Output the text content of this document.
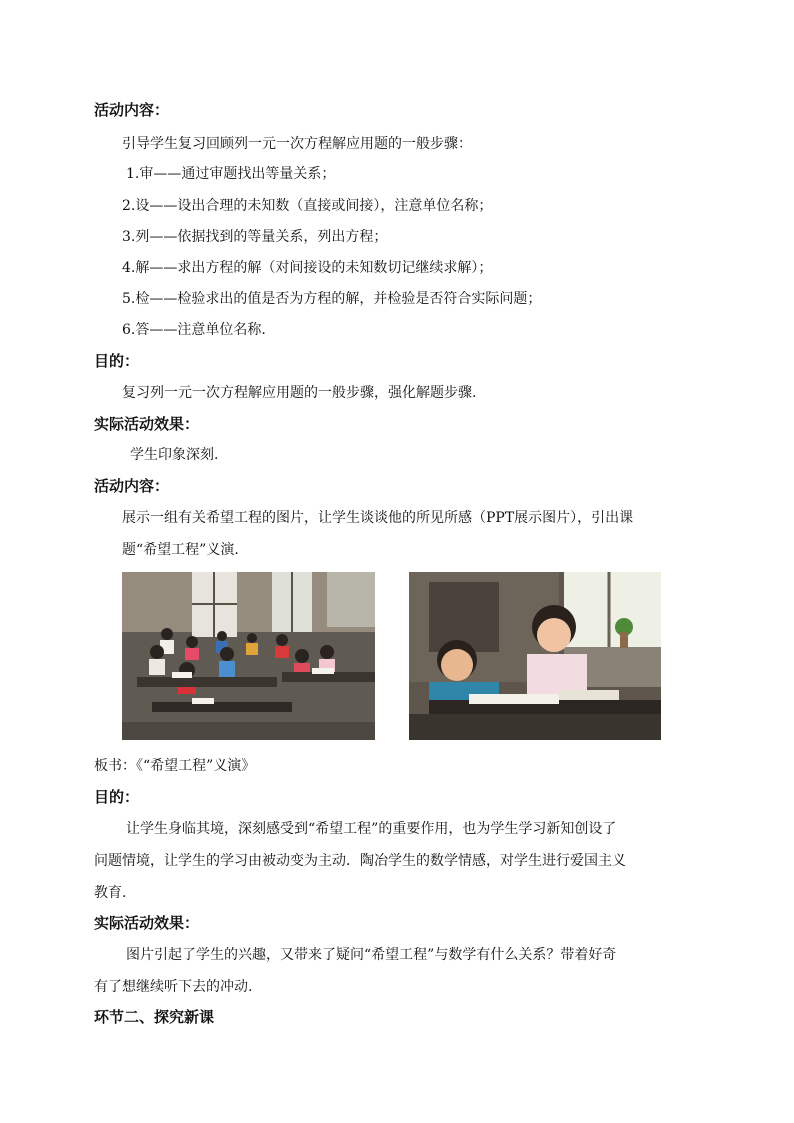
活动内容：
引导学生复习回顾列一元一次方程解应用题的一般步骤：
1.审——通过审题找出等量关系；
2.设——设出合理的未知数（直接或间接），注意单位名称；
3.列——依据找到的等量关系，列出方程；
4.解——求出方程的解（对间接设的未知数切记继续求解）；
5.检——检验求出的值是否为方程的解，并检验是否符合实际问题；
6.答——注意单位名称.
目的：
复习列一元一次方程解应用题的一般步骤，强化解题步骤.
实际活动效果：
学生印象深刻.
活动内容：
展示一组有关希望工程的图片，让学生谈谈他的所见所感（PPT展示图片），引出课
题“希望工程”义演.
板书：《“希望工程”义演》
目的：
让学生身临其境，深刻感受到“希望工程”的重要作用，也为学生学习新知创设了
问题情境，让学生的学习由被动变为主动．陶冶学生的数学情感，对学生进行爱国主义
教育.
实际活动效果：
图片引起了学生的兴趣，又带来了疑问“希望工程”与数学有什么关系？带着好奇
有了想继续听下去的冲动.
环节二、探究新课
